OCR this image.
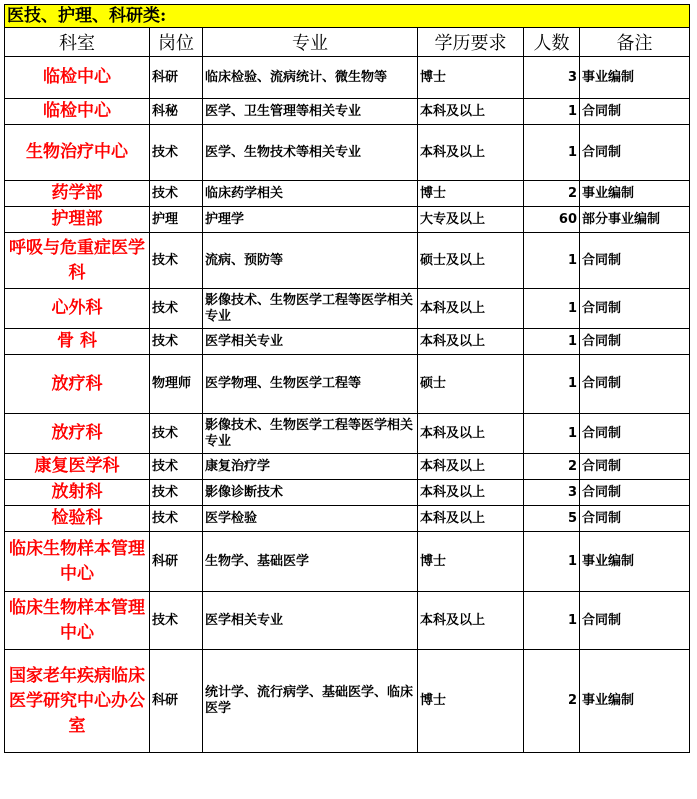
医技、护理、科研类:					
科室	岗位	专业	学历要求	人数	备注
临检中心	科研	临床检验、流病统计、微生物等	博士	3	事业编制
临检中心	科秘	医学、卫生管理等相关专业	本科及以上	1	合同制
生物治疗中心	技术	医学、生物技术等相关专业	本科及以上	1	合同制
药学部	技术	临床药学相关	博士	2	事业编制
护理部	护理	护理学	大专及以上	60	部分事业编制
呼吸与危重症医学科	技术	流病、预防等	硕士及以上	1	合同制
心外科	技术	影像技术、生物医学工程等医学相关专业	本科及以上	1	合同制
骨 科	技术	医学相关专业	本科及以上	1	合同制
放疗科	物理师	医学物理、生物医学工程等	硕士	1	合同制
放疗科	技术	影像技术、生物医学工程等医学相关专业	本科及以上	1	合同制
康复医学科	技术	康复治疗学	本科及以上	2	合同制
放射科	技术	影像诊断技术	本科及以上	3	合同制
检验科	技术	医学检验	本科及以上	5	合同制
临床生物样本管理中心	科研	生物学、基础医学	博士	1	事业编制
临床生物样本管理中心	技术	医学相关专业	本科及以上	1	合同制
国家老年疾病临床医学研究中心办公室	科研	统计学、流行病学、基础医学、临床医学	博士	2	事业编制
